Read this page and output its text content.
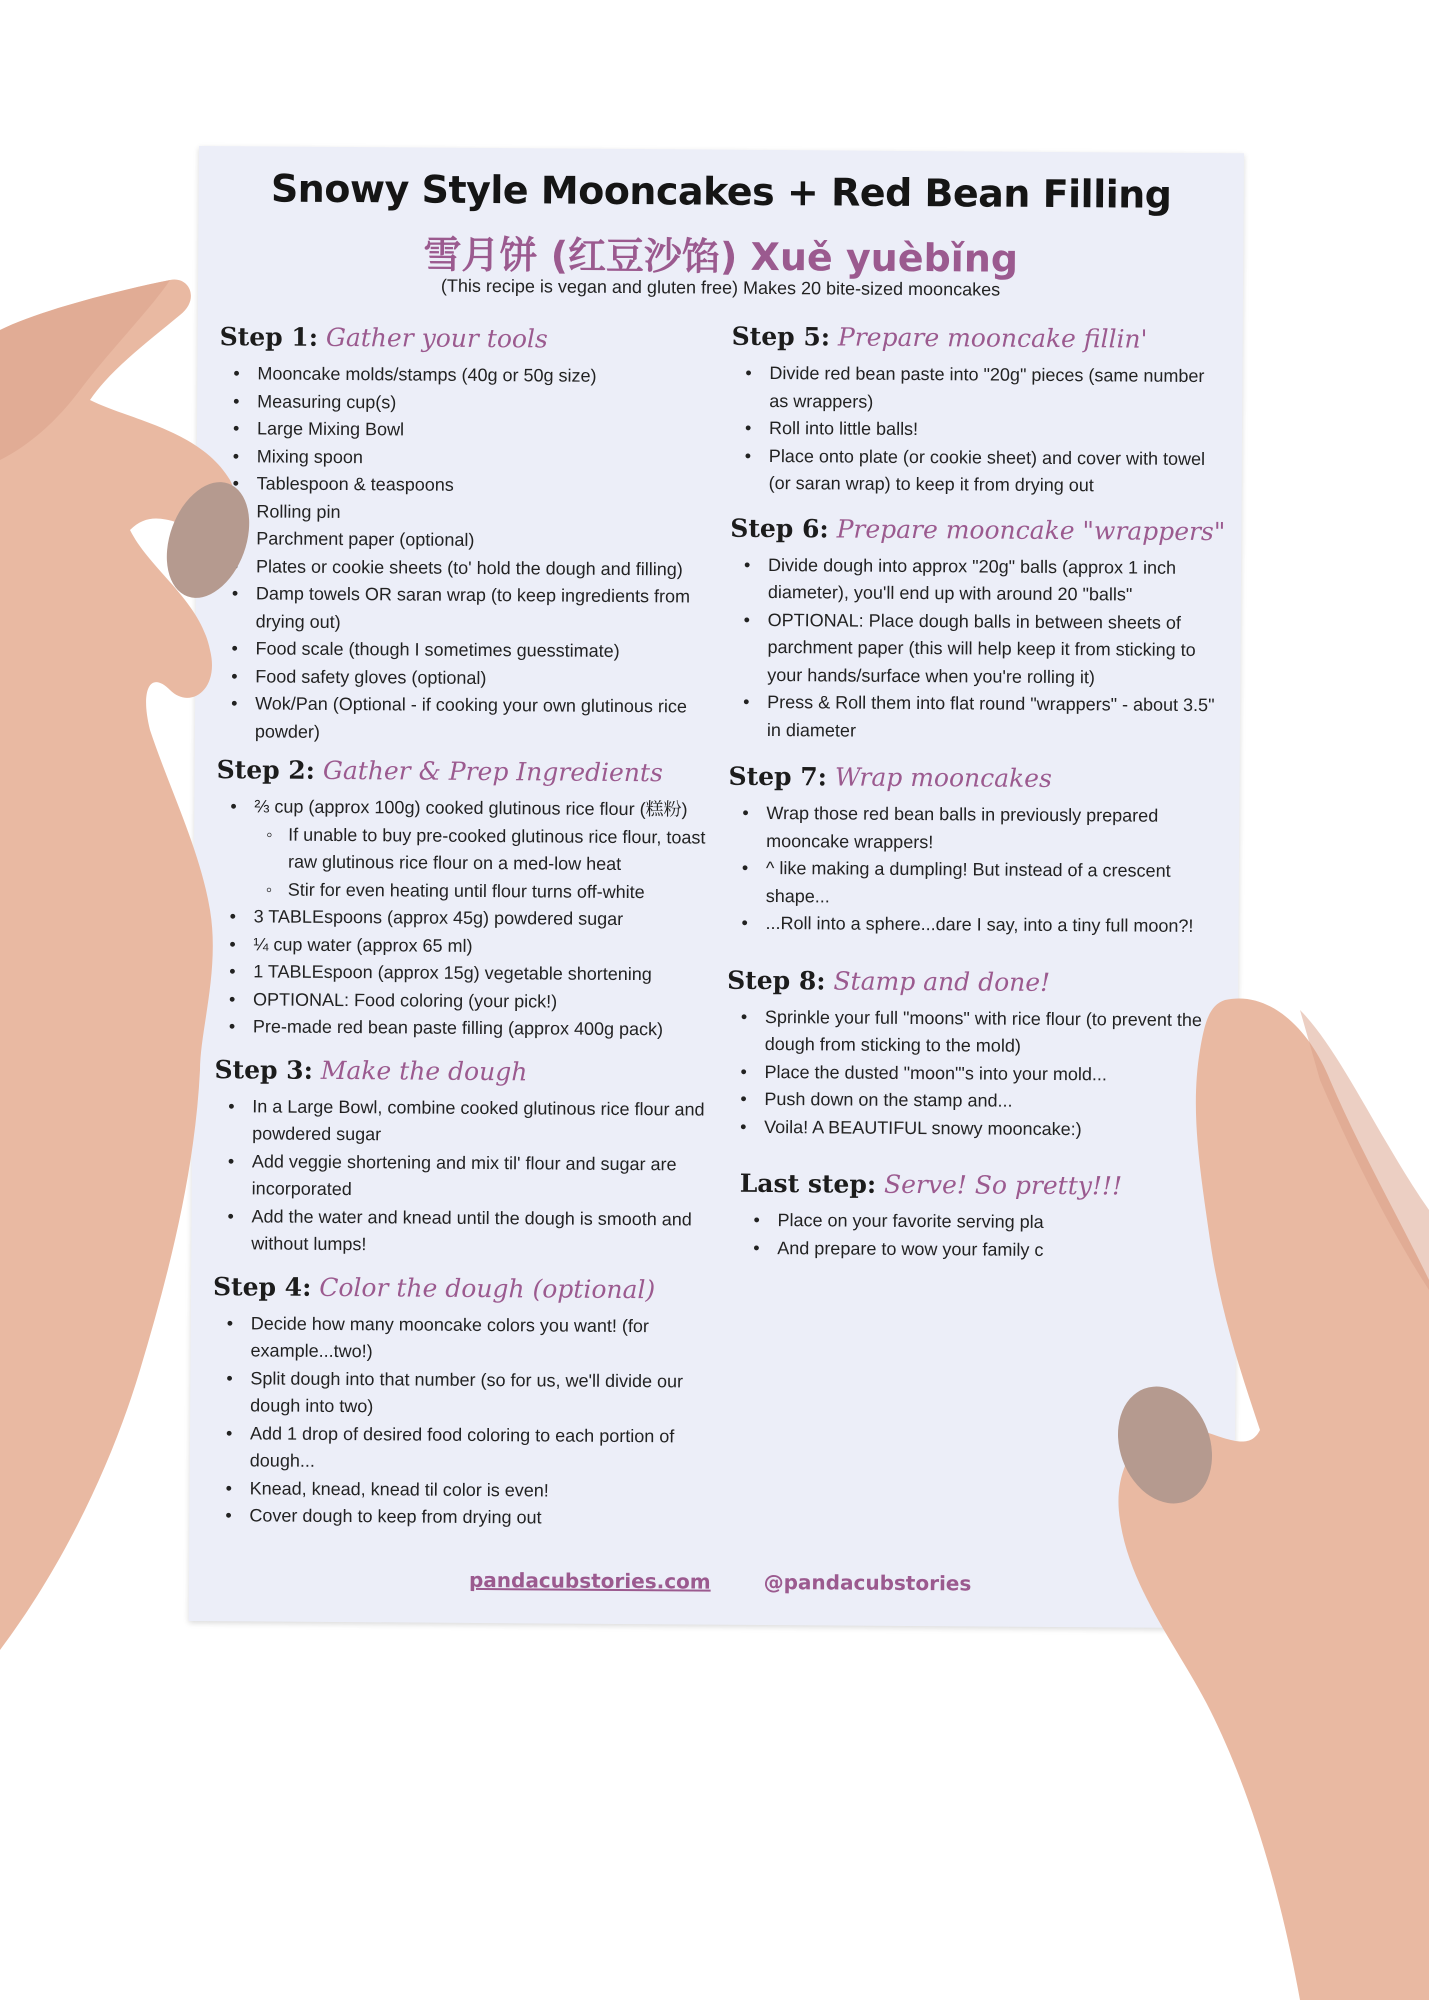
Snowy Style Mooncakes + Red Bean Filling
雪月饼 (红豆沙馅) Xuě yuèbǐng
(This recipe is vegan and gluten free) Makes 20 bite-sized mooncakes
Step 1: Gather your tools
• Mooncake molds/stamps (40g or 50g size)
• Measuring cup(s)
• Large Mixing Bowl
• Mixing spoon
• Tablespoon & teaspoons
• Rolling pin
• Parchment paper (optional)
• Plates or cookie sheets (to' hold the dough and filling)
• Damp towels OR saran wrap (to keep ingredients from drying out)
• Food scale (though I sometimes guesstimate)
• Food safety gloves (optional)
• Wok/Pan (Optional - if cooking your own glutinous rice powder)
Step 2: Gather & Prep Ingredients
• ⅔ cup (approx 100g) cooked glutinous rice flour (糕粉)
◦ If unable to buy pre-cooked glutinous rice flour, toast raw glutinous rice flour on a med-low heat
◦ Stir for even heating until flour turns off-white
• 3 TABLEspoons (approx 45g) powdered sugar
• ¼ cup water (approx 65 ml)
• 1 TABLEspoon (approx 15g) vegetable shortening
• OPTIONAL: Food coloring (your pick!)
• Pre-made red bean paste filling (approx 400g pack)
Step 3: Make the dough
• In a Large Bowl, combine cooked glutinous rice flour and powdered sugar
• Add veggie shortening and mix til' flour and sugar are incorporated
• Add the water and knead until the dough is smooth and without lumps!
Step 4: Color the dough (optional)
• Decide how many mooncake colors you want! (for example...two!)
• Split dough into that number (so for us, we'll divide our dough into two)
• Add 1 drop of desired food coloring to each portion of dough...
• Knead, knead, knead til color is even!
• Cover dough to keep from drying out
Step 5: Prepare mooncake fillin'
• Divide red bean paste into "20g" pieces (same number as wrappers)
• Roll into little balls!
• Place onto plate (or cookie sheet) and cover with towel (or saran wrap) to keep it from drying out
Step 6: Prepare mooncake "wrappers"
• Divide dough into approx "20g" balls (approx 1 inch diameter), you'll end up with around 20 "balls"
• OPTIONAL: Place dough balls in between sheets of parchment paper (this will help keep it from sticking to your hands/surface when you're rolling it)
• Press & Roll them into flat round "wrappers" - about 3.5" in diameter
Step 7: Wrap mooncakes
• Wrap those red bean balls in previously prepared mooncake wrappers!
• ^ like making a dumpling! But instead of a crescent shape...
• ...Roll into a sphere...dare I say, into a tiny full moon?!
Step 8: Stamp and done!
• Sprinkle your full "moons" with rice flour (to prevent the dough from sticking to the mold)
• Place the dusted "moon"'s into your mold...
• Push down on the stamp and...
• Voila! A BEAUTIFUL snowy mooncake:)
Last step: Serve! So pretty!!!
• Place on your favorite serving pla
• And prepare to wow your family c
pandacubstories.com	@pandacubstories
